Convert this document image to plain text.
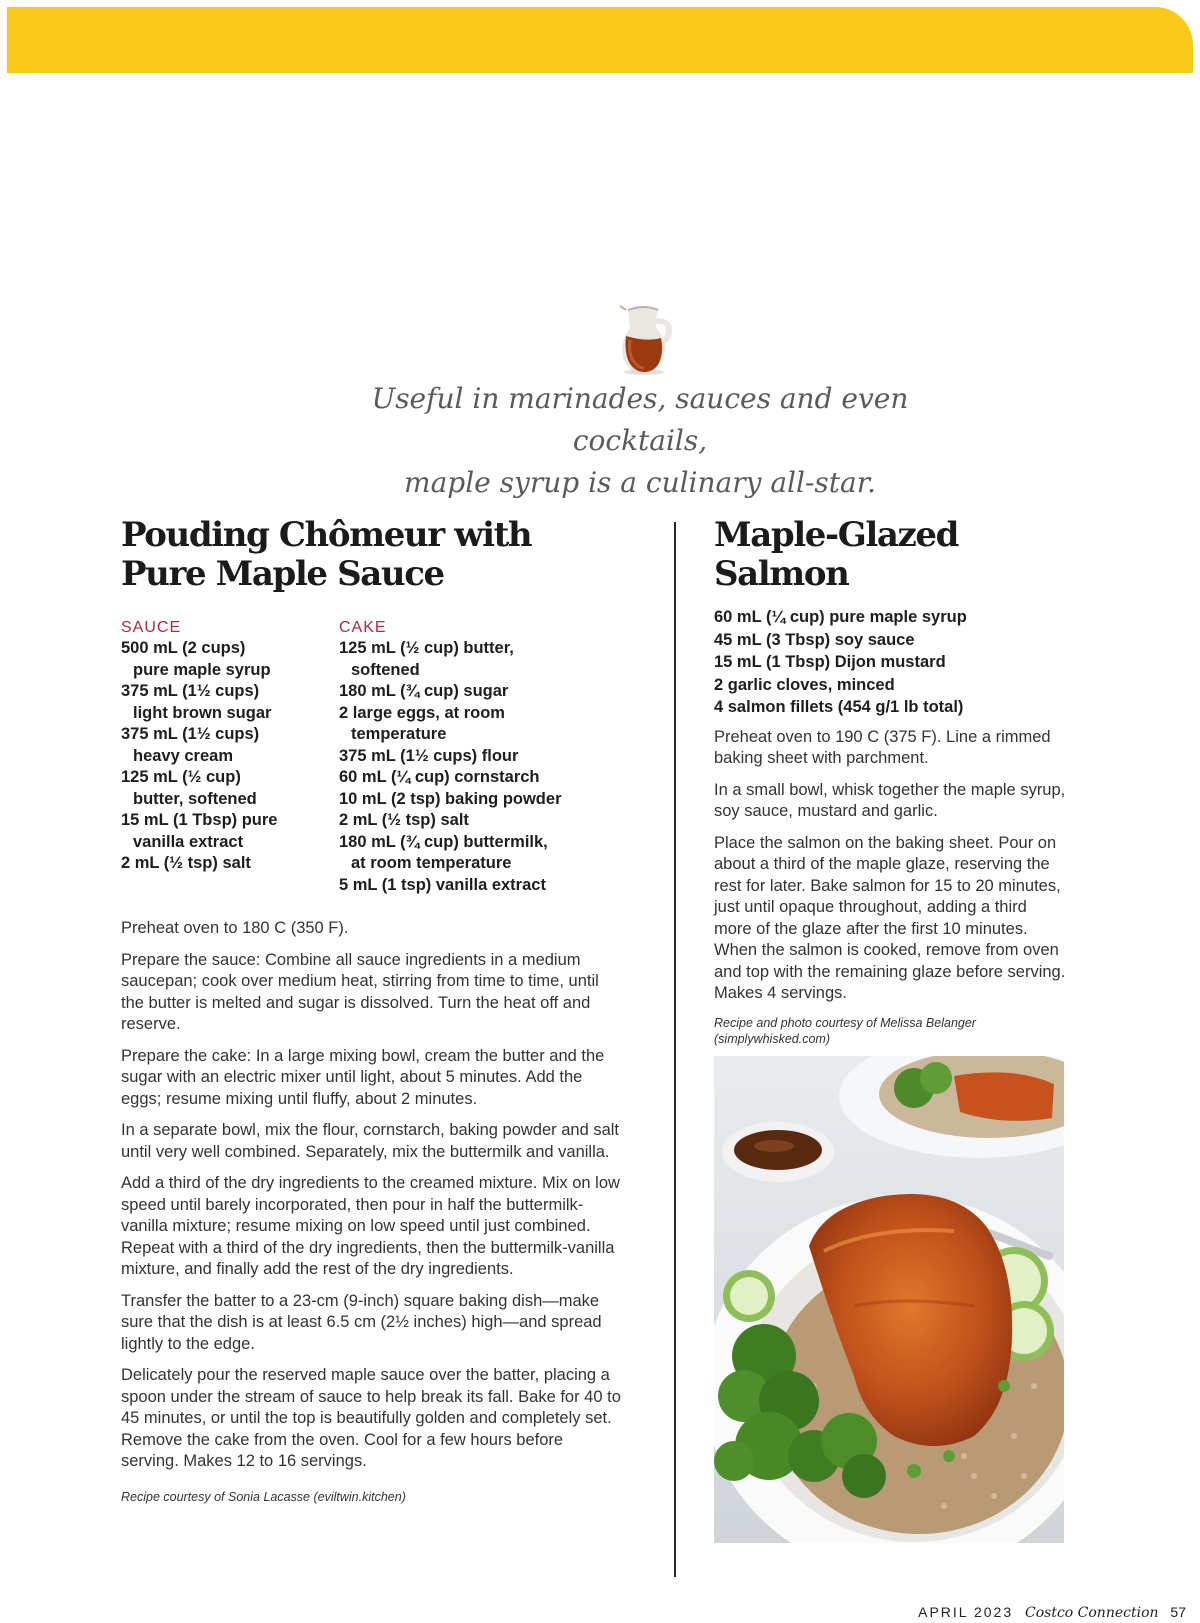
Useful in marinades, sauces and even cocktails,
maple syrup is a culinary all-star.
Pouding Chômeur with
Pure Maple Sauce
SAUCE
500 mL (2 cups)
pure maple syrup
375 mL (1½ cups)
light brown sugar
375 mL (1½ cups)
heavy cream
125 mL (½ cup)
butter, softened
15 mL (1 Tbsp) pure
vanilla extract
2 mL (½ tsp) salt
CAKE
125 mL (½ cup) butter,
softened
180 mL (¾ cup) sugar
2 large eggs, at room
temperature
375 mL (1½ cups) flour
60 mL (¼ cup) cornstarch
10 mL (2 tsp) baking powder
2 mL (½ tsp) salt
180 mL (¾ cup) buttermilk,
at room temperature
5 mL (1 tsp) vanilla extract

Preheat oven to 180 C (350 F).

Prepare the sauce: Combine all sauce ingredients in a medium saucepan; cook over medium heat, stirring from time to time, until the butter is melted and sugar is dissolved. Turn the heat off and reserve.

Prepare the cake: In a large mixing bowl, cream the butter and the sugar with an electric mixer until light, about 5 minutes. Add the eggs; resume mixing until fluffy, about 2 minutes.

In a separate bowl, mix the flour, cornstarch, baking powder and salt until very well combined. Separately, mix the buttermilk and vanilla.

Add a third of the dry ingredients to the creamed mixture. Mix on low speed until barely incorporated, then pour in half the buttermilk-vanilla mixture; resume mixing on low speed until just combined. Repeat with a third of the dry ingredients, then the buttermilk-vanilla mixture, and finally add the rest of the dry ingredients.

Transfer the batter to a 23-cm (9-inch) square baking dish—make sure that the dish is at least 6.5 cm (2½ inches) high—and spread lightly to the edge.

Delicately pour the reserved maple sauce over the batter, placing a spoon under the stream of sauce to help break its fall. Bake for 40 to 45 minutes, or until the top is beautifully golden and completely set. Remove the cake from the oven. Cool for a few hours before serving. Makes 12 to 16 servings.

Recipe courtesy of Sonia Lacasse (eviltwin.kitchen)
Maple-Glazed Salmon
60 mL (¼ cup) pure maple syrup
45 mL (3 Tbsp) soy sauce
15 mL (1 Tbsp) Dijon mustard
2 garlic cloves, minced
4 salmon fillets (454 g/1 lb total)

Preheat oven to 190 C (375 F). Line a rimmed baking sheet with parchment.

In a small bowl, whisk together the maple syrup, soy sauce, mustard and garlic.

Place the salmon on the baking sheet. Pour on about a third of the maple glaze, reserving the rest for later. Bake salmon for 15 to 20 minutes, just until opaque throughout, adding a third more of the glaze after the first 10 minutes. When the salmon is cooked, remove from oven and top with the remaining glaze before serving. Makes 4 servings.

Recipe and photo courtesy of Melissa Belanger (simplywhisked.com)
APRIL 2023 Costco Connection 57
